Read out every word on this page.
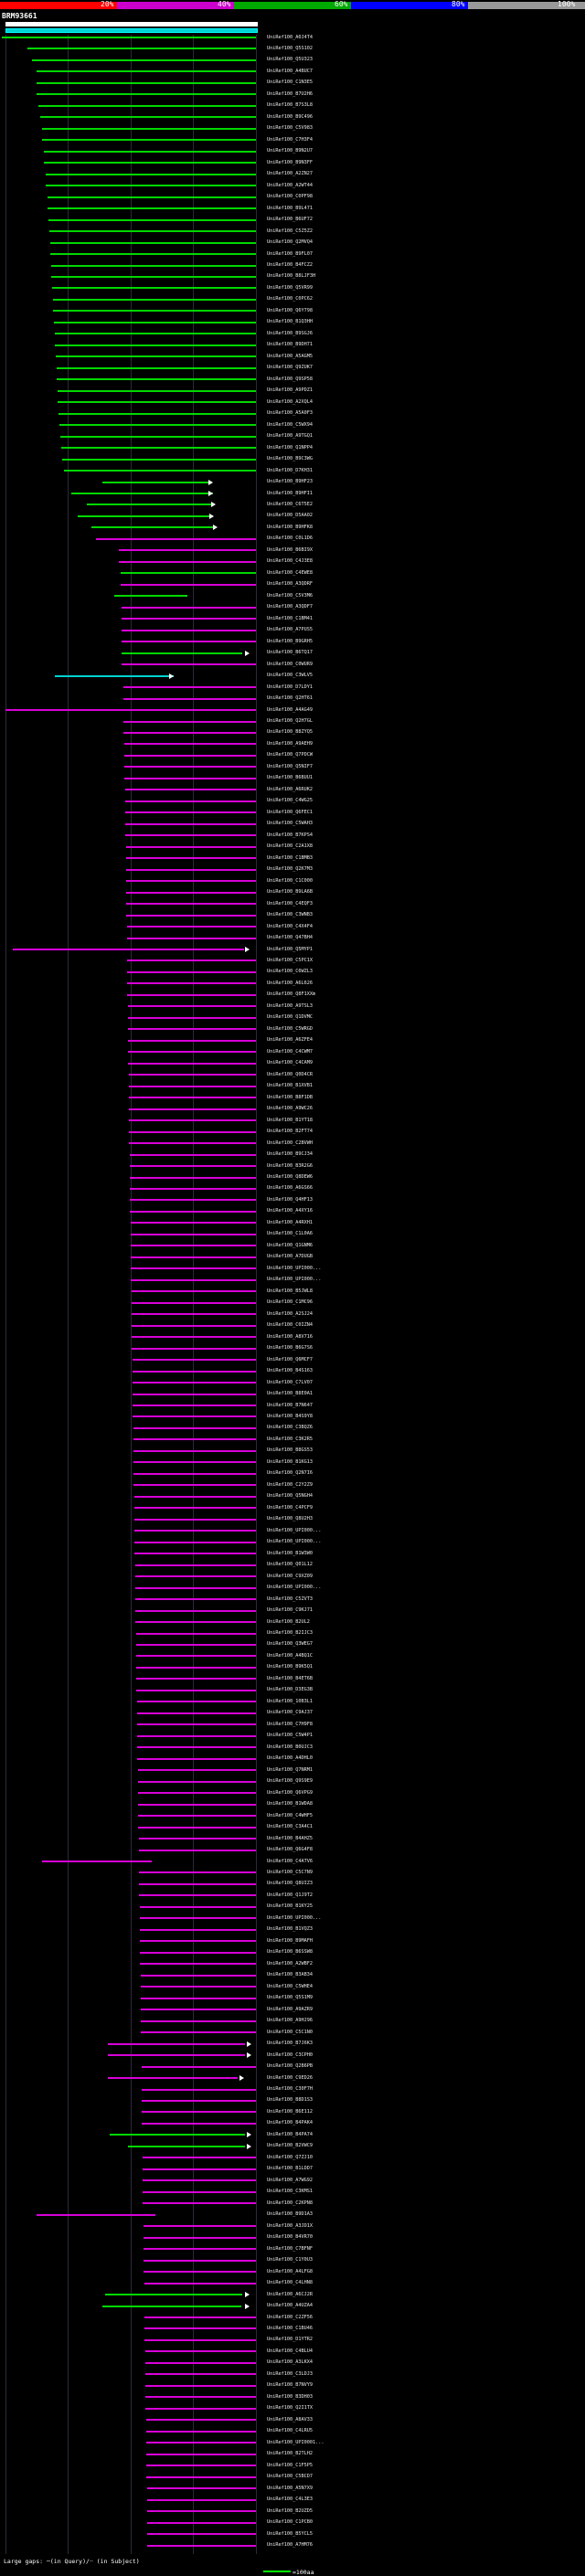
20%	40%	60%	80%	100%
BRM93661
1	545
UniRef100_A0J4T4
UniRef100_Q5S102
UniRef100_Q5U323
UniRef100_A4BUC7
UniRef100_C1N3E5
UniRef100_B7U2H6
UniRef100_B7S3L8
UniRef100_B9C496
UniRef100_C5V983
UniRef100_C7H3F4
UniRef100_B9N2U7
UniRef100_B9N3FF
UniRef100_A2ZN27
UniRef100_A2WT44
UniRef100_C0PF98
UniRef100_B9L471
UniRef100_B6UF72
UniRef100_C5Z5Z2
UniRef100_Q2MVQ4
UniRef100_B9FL07
UniRef100_B4FCZ2
UniRef100_B8LJF3H
UniRef100_Q5VR99
UniRef100_C0PC62
UniRef100_Q6Y798
UniRef100_B1Q3HH
UniRef100_B9SGJ6
UniRef100_B9DH71
UniRef100_A5AGM5
UniRef100_Q9ZUK7
UniRef100_Q9SP58
UniRef100_A9PDZ1
UniRef100_A2XQL4
UniRef100_A5A0F3
UniRef100_C5WX94
UniRef100_A9TGQ1
UniRef100_Q1NPP4
UniRef100_B9C3WG
UniRef100_D7KH31
UniRef100_B9HF23
UniRef100_B9HFI1
UniRef100_C6T5E2
UniRef100_D5AA02
UniRef100_B9HFK8
UniRef100_C0L1D6
UniRef100_B6BI9X
UniRef100_C4J3E8
UniRef100_C4EWE8
UniRef100_A3QDRF
UniRef100_C5V3M6
UniRef100_A3QDF7
UniRef100_C1BM41
UniRef100_A7PUS5
UniRef100_B9GRH5
UniRef100_B6TQ17
UniRef100_C0WUR9
UniRef100_C3WLV5
UniRef100_D7LDY1
UniRef100_Q2HT61
UniRef100_A4AG49
UniRef100_Q2H7GL
UniRef100_B8ZYQ5
UniRef100_A9AEH9
UniRef100_Q7PDCW
UniRef100_Q5NIF7
UniRef100_B6BUU1
UniRef100_A6RUK2
UniRef100_C4WG25
UniRef100_Q6FEC1
UniRef100_C5WAH3
UniRef100_B7KPS4
UniRef100_C2A1X8
UniRef100_C1BMB3
UniRef100_Q2K7M3
UniRef100_C1C000
UniRef100_B9LA6B
UniRef100_C4EQF3
UniRef100_C3WNB3
UniRef100_C4X4F4
UniRef100_Q47BH4
UniRef100_Q5MYP1
UniRef100_C5PC1X
UniRef100_C6WZL3
UniRef100_A6L626
UniRef100_Q8F1XXm
UniRef100_A9TSL3
UniRef100_Q1DVMC
UniRef100_C5WRGD
UniRef100_A6ZFE4
UniRef100_C4CWM7
UniRef100_C4CAM9
UniRef100_Q0D4CR
UniRef100_B1XVB1
UniRef100_B8F1DB
UniRef100_A9WC26
UniRef100_B1YT18
UniRef100_B2FT74
UniRef100_C2BVWH
UniRef100_B9CJ34
UniRef100_B3R2G6
UniRef100_Q8DEW6
UniRef100_A6GS66
UniRef100_Q4HF13
UniRef100_A4XY16
UniRef100_A4RXH1
UniRef100_C1L0A6
UniRef100_Q1GNM6
UniRef100_A7DUGB
UniRef100_UPI000...
UniRef100_UPI000...
UniRef100_B5JWL8
UniRef100_C1MC96
UniRef100_A2SJ24
UniRef100_C0IZN4
UniRef100_A8V716
UniRef100_B6G7S6
UniRef100_Q6MCF7
UniRef100_B4S163
UniRef100_C7LV07
UniRef100_B8E0A1
UniRef100_B7N647
UniRef100_B4S9Y8
UniRef100_C3BQZ6
UniRef100_C3K2R5
UniRef100_B8GS53
UniRef100_B1KG13
UniRef100_Q2N7I6
UniRef100_C2Y2Z9
UniRef100_Q5NGH4
UniRef100_C4PCF9
UniRef100_Q8U2H3
UniRef100_UPI000...
UniRef100_UPI000...
UniRef100_B1W3W0
UniRef100_Q01L12
UniRef100_C9XZ09
UniRef100_UPI000...
UniRef100_C5ZVT3
UniRef100_C9KJ71
UniRef100_B2UL2
UniRef100_B2IJC3
UniRef100_Q3WEG7
UniRef100_A4BQ1C
UniRef100_B9K5Q1
UniRef100_B4ET6B
UniRef100_D3EG3B
UniRef100_10B3L1
UniRef100_C9AJ37
UniRef100_C7H9F8
UniRef100_C5W4P1
UniRef100_B0UJC3
UniRef100_A4DHL0
UniRef100_Q7NRM1
UniRef100_Q9S9E9
UniRef100_Q6VPG9
UniRef100_B1WDA8
UniRef100_C4WHF5
UniRef100_C3A4C1
UniRef100_B4AHZ5
UniRef100_Q6G4F8
UniRef100_C4ATV6
UniRef100_C5C7N9
UniRef100_Q8UIZ3
UniRef100_Q1J9T2
UniRef100_B1KY25
UniRef100_UPI000...
UniRef100_B1VQZ3
UniRef100_B9MAFH
UniRef100_B6SSW8
UniRef100_A2WBF2
UniRef100_B3AB34
UniRef100_C5WHE4
UniRef100_Q5S1M9
UniRef100_A9AZR9
UniRef100_A9HJ96
UniRef100_C5C1N0
UniRef100_B7J6K3
UniRef100_C3CPH0
UniRef100_Q2B6PB
UniRef100_C9ED26
UniRef100_C30F7H
UniRef100_B8D1S3
UniRef100_B6E112
UniRef100_B4PAK4
UniRef100_B4PA74
UniRef100_B2VWC9
UniRef100_Q7ZJ10
UniRef100_B1LDD7
UniRef100_A7WG92
UniRef100_C3KMS1
UniRef100_C2KPN8
UniRef100_B9D1A3
UniRef100_A3JD1X
UniRef100_B4VR70
UniRef100_C7BFNF
UniRef100_C1Y0U3
UniRef100_A4LFG8
UniRef100_C4LHN8
UniRef100_A6CJ2R
UniRef100_A4UZA4
UniRef100_C2ZF56
UniRef100_C1BU46
UniRef100_D1YTR2
UniRef100_C4BLU4
UniRef100_A3LKX4
UniRef100_C3LDJ3
UniRef100_B7NVY9
UniRef100_B3DH03
UniRef100_Q2I1TX
UniRef100_A8AV33
UniRef100_C4LRU5
UniRef100_UPI0001...
UniRef100_B2TLH2
UniRef100_C1F5P5
UniRef100_C5BCD7
UniRef100_A5N7X9
UniRef100_C4L3E3
UniRef100_B2UZD5
UniRef100_C1PCB0
UniRef100_B5YCL5
UniRef100_A7HM76
Large gaps: ─(in Query)/┈ (in Subject)
=100aa
